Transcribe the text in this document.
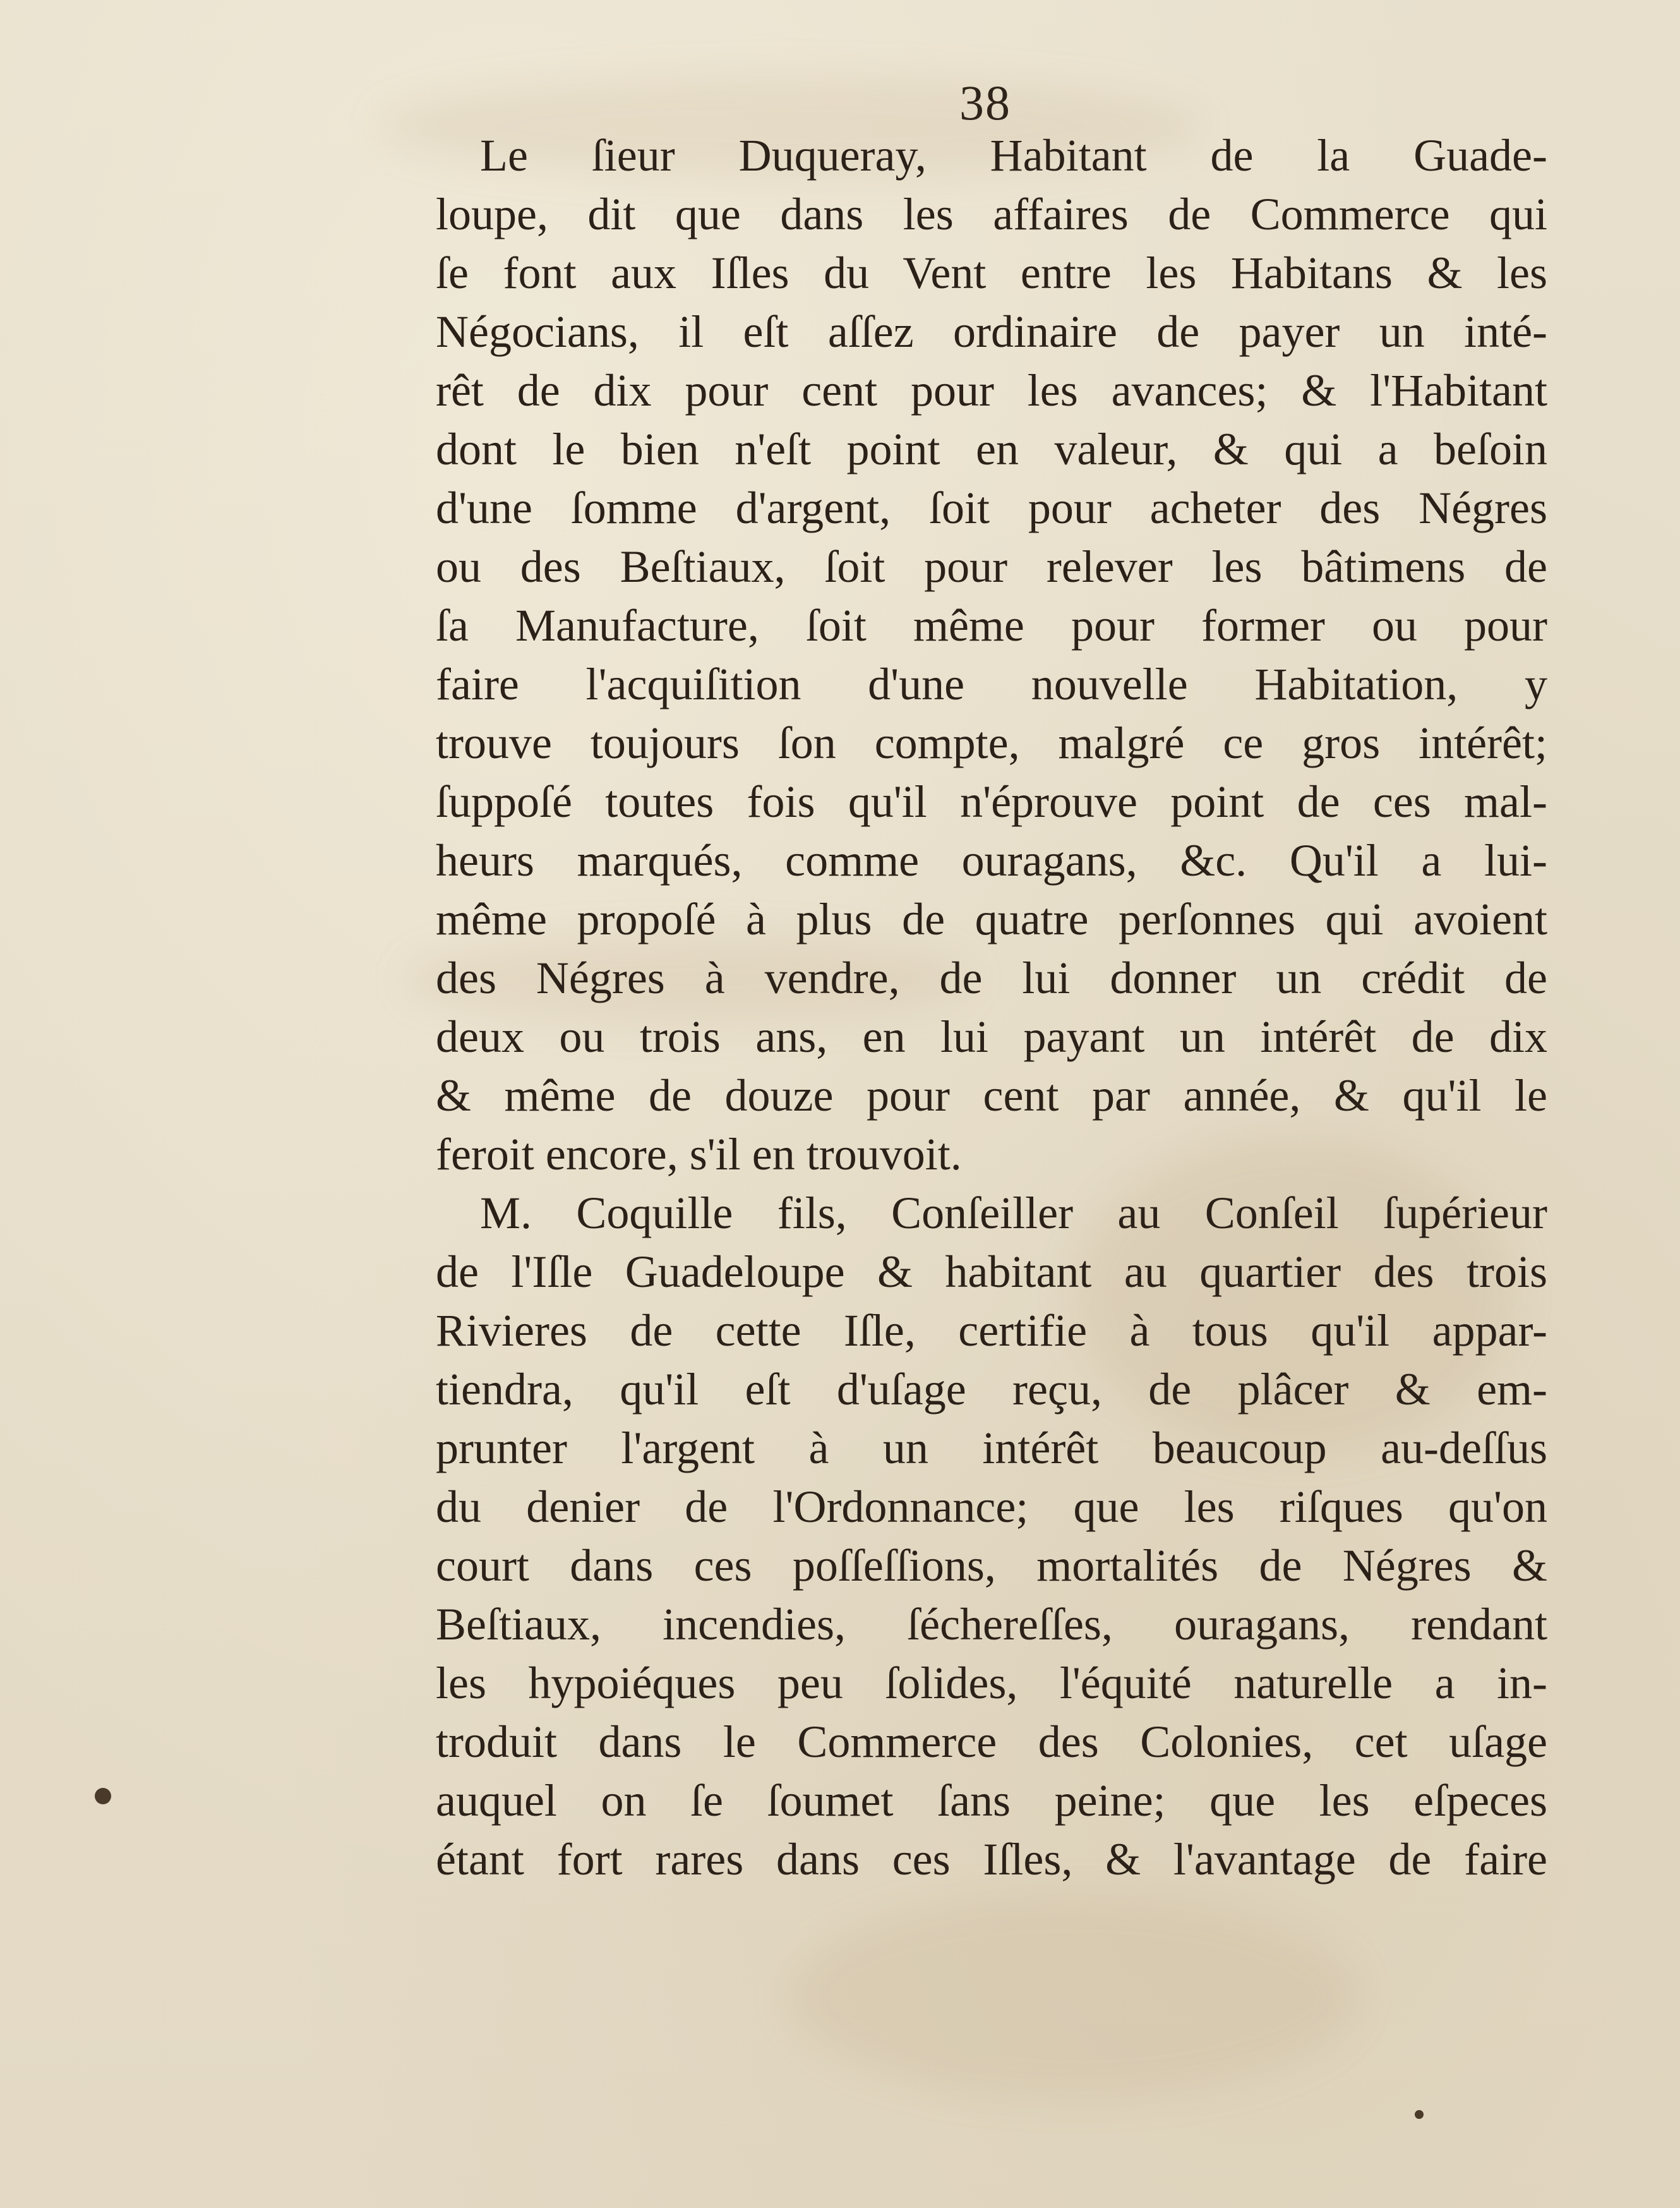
38
Le ſieur Duqueray, Habitant de la Guade-
loupe, dit que dans les affaires de Commerce qui
ſe font aux Iſles du Vent entre les Habitans & les
Négocians, il eſt aſſez ordinaire de payer un inté-
rêt de dix pour cent pour les avances; & l'Habitant
dont le bien n'eſt point en valeur, & qui a beſoin
d'une ſomme d'argent, ſoit pour acheter des Négres
ou des Beſtiaux, ſoit pour relever les bâtimens de
ſa Manufacture, ſoit même pour former ou pour
faire l'acquiſition d'une nouvelle Habitation, y
trouve toujours ſon compte, malgré ce gros intérêt;
ſuppoſé toutes fois qu'il n'éprouve point de ces mal-
heurs marqués, comme ouragans, &c. Qu'il a lui-
même propoſé à plus de quatre perſonnes qui avoient
des Négres à vendre, de lui donner un crédit de
deux ou trois ans, en lui payant un intérêt de dix
& même de douze pour cent par année, & qu'il le
feroit encore, s'il en trouvoit.
M. Coquille fils, Conſeiller au Conſeil ſupérieur
de l'Iſle Guadeloupe & habitant au quartier des trois
Rivieres de cette Iſle, certifie à tous qu'il appar-
tiendra, qu'il eſt d'uſage reçu, de plâcer & em-
prunter l'argent à un intérêt beaucoup au-deſſus
du denier de l'Ordonnance; que les riſques qu'on
court dans ces poſſeſſions, mortalités de Négres &
Beſtiaux, incendies, ſéchereſſes, ouragans, rendant
les hypoiéques peu ſolides, l'équité naturelle a in-
troduit dans le Commerce des Colonies, cet uſage
auquel on ſe ſoumet ſans peine; que les eſpeces
étant fort rares dans ces Iſles, & l'avantage de faire
